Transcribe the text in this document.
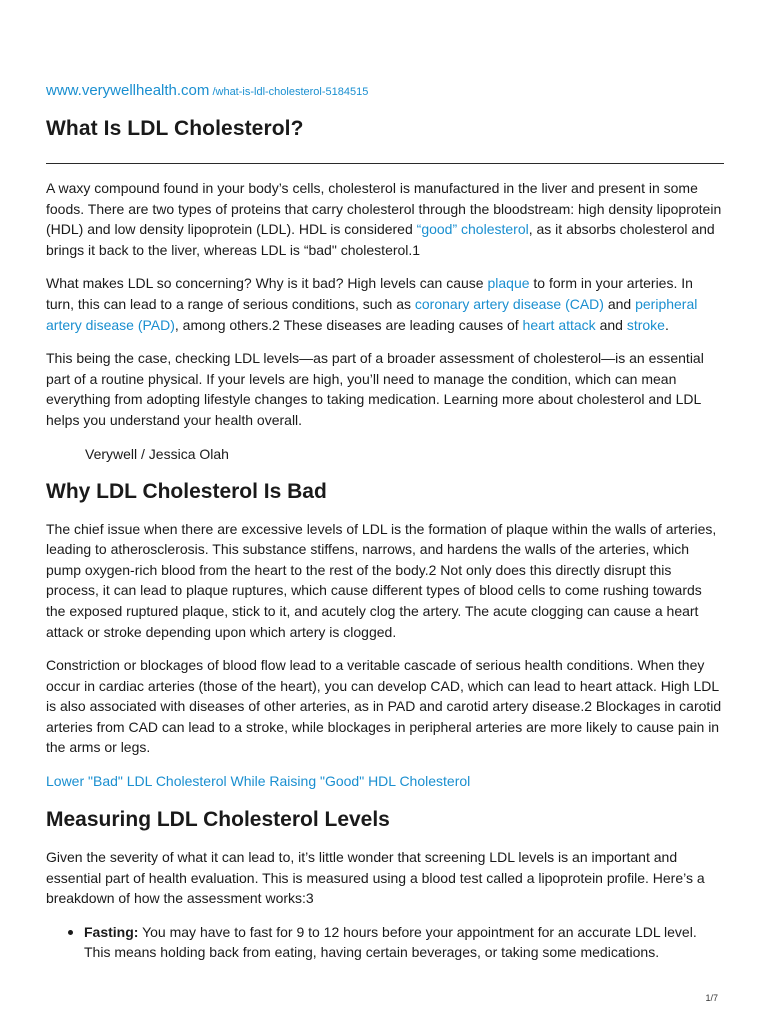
www.verywellhealth.com /what-is-ldl-cholesterol-5184515
What Is LDL Cholesterol?

A waxy compound found in your body’s cells, cholesterol is manufactured in the liver and present in some foods. There are two types of proteins that carry cholesterol through the bloodstream: high density lipoprotein (HDL) and low density lipoprotein (LDL). HDL is considered “good” cholesterol, as it absorbs cholesterol and brings it back to the liver, whereas LDL is “bad" cholesterol.1

What makes LDL so concerning? Why is it bad? High levels can cause plaque to form in your arteries. In turn, this can lead to a range of serious conditions, such as coronary artery disease (CAD) and peripheral artery disease (PAD), among others.2 These diseases are leading causes of heart attack and stroke.

This being the case, checking LDL levels—as part of a broader assessment of cholesterol—is an essential part of a routine physical. If your levels are high, you’ll need to manage the condition, which can mean everything from adopting lifestyle changes to taking medication. Learning more about cholesterol and LDL helps you understand your health overall.

Verywell / Jessica Olah
Why LDL Cholesterol Is Bad

The chief issue when there are excessive levels of LDL is the formation of plaque within the walls of arteries, leading to atherosclerosis. This substance stiffens, narrows, and hardens the walls of the arteries, which pump oxygen-rich blood from the heart to the rest of the body.2 Not only does this directly disrupt this process, it can lead to plaque ruptures, which cause different types of blood cells to come rushing towards the exposed ruptured plaque, stick to it, and acutely clog the artery. The acute clogging can cause a heart attack or stroke depending upon which artery is clogged.

Constriction or blockages of blood flow lead to a veritable cascade of serious health conditions. When they occur in cardiac arteries (those of the heart), you can develop CAD, which can lead to heart attack. High LDL is also associated with diseases of other arteries, as in PAD and carotid artery disease.2 Blockages in carotid arteries from CAD can lead to a stroke, while blockages in peripheral arteries are more likely to cause pain in the arms or legs.

Lower "Bad" LDL Cholesterol While Raising "Good" HDL Cholesterol
Measuring LDL Cholesterol Levels

Given the severity of what it can lead to, it’s little wonder that screening LDL levels is an important and essential part of health evaluation. This is measured using a blood test called a lipoprotein profile. Here’s a breakdown of how the assessment works:3

Fasting: You may have to fast for 9 to 12 hours before your appointment for an accurate LDL level. This means holding back from eating, having certain beverages, or taking some medications.
1/7
